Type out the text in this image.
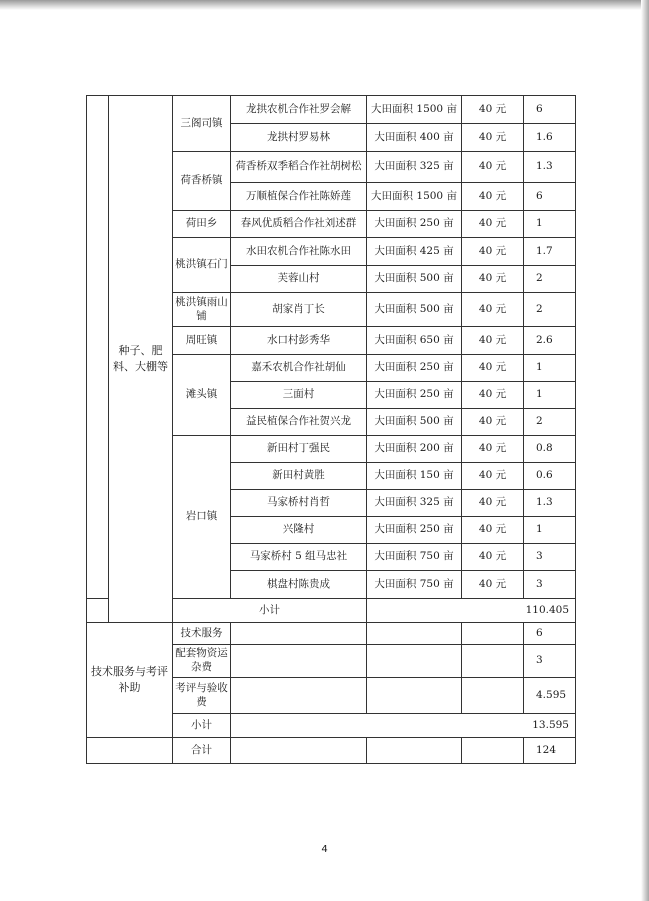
	种子、肥料、大棚等	三阁司镇	龙拱农机合作社罗会解	大田面积 1500 亩	40 元	6
			龙拱村罗易林	大田面积 400 亩	40 元	1.6
		荷香桥镇	荷香桥双季稻合作社胡树松	大田面积 325 亩	40 元	1.3
			万顺植保合作社陈娇莲	大田面积 1500 亩	40 元	6
		荷田乡	春风优质稻合作社刘述群	大田面积 250 亩	40 元	1
		桃洪镇石门	水田农机合作社陈水田	大田面积 425 亩	40 元	1.7
			芙蓉山村	大田面积 500 亩	40 元	2
		桃洪镇雨山铺	胡家肖丁长	大田面积 500 亩	40 元	2
		周旺镇	水口村彭秀华	大田面积 650 亩	40 元	2.6
		滩头镇	嘉禾农机合作社胡仙	大田面积 250 亩	40 元	1
			三面村	大田面积 250 亩	40 元	1
			益民植保合作社贺兴龙	大田面积 500 亩	40 元	2
		岩口镇	新田村丁强民	大田面积 200 亩	40 元	0.8
			新田村黄胜	大田面积 150 亩	40 元	0.6
			马家桥村肖哲	大田面积 325 亩	40 元	1.3
			兴隆村	大田面积 250 亩	40 元	1
			马家桥村 5 组马忠社	大田面积 750 亩	40 元	3
			棋盘村陈贵成	大田面积 750 亩	40 元	3
		小计		110.405		
技术服务与考评补助		技术服务				6
		配套物资运杂费				3
		考评与验收费				4.595
		小计	13.595			
		合计				124
4
